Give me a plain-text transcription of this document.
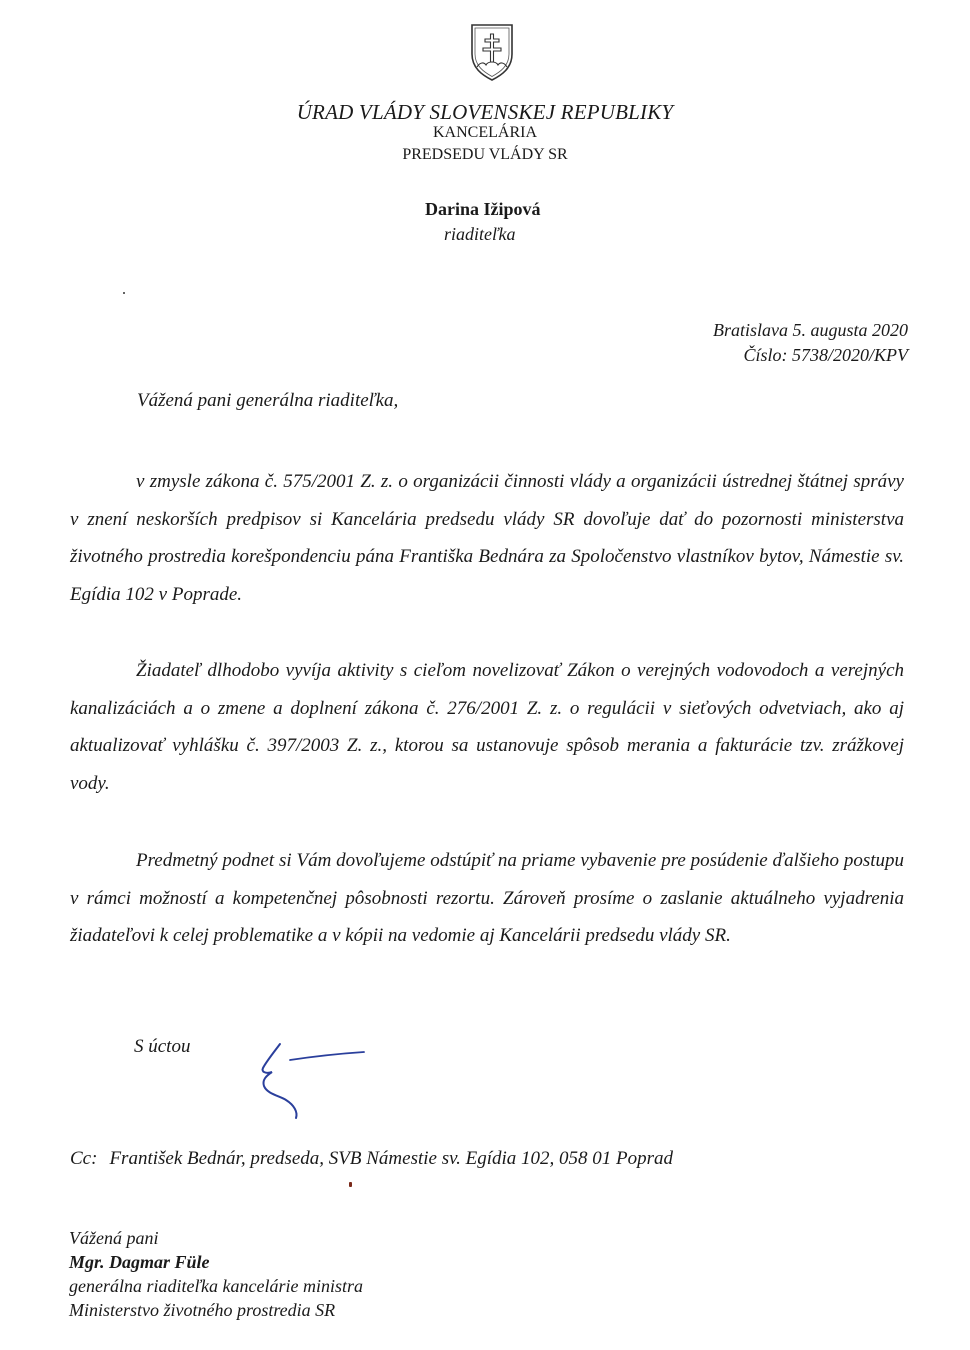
ÚRAD VLÁDY SLOVENSKEJ REPUBLIKY
KANCELÁRIA
PREDSEDU VLÁDY SR
Darina Ižipová
riaditeľka
Bratislava 5. augusta 2020
Číslo: 5738/2020/KPV
Vážená pani generálna riaditeľka,

v zmysle zákona č. 575/2001 Z. z. o organizácii činnosti vlády a organizácii ústrednej štátnej správy v znení neskorších predpisov si Kancelária predsedu vlády SR dovoľuje dať do pozornosti ministerstva životného prostredia korešpondenciu pána Františka Bednára za Spoločenstvo vlastníkov bytov, Námestie sv. Egídia 102 v Poprade.

Žiadateľ dlhodobo vyvíja aktivity s cieľom novelizovať Zákon o verejných vodovodoch a verejných kanalizáciách a o zmene a doplnení zákona č. 276/2001 Z. z. o regulácii v sieťových odvetviach, ako aj aktualizovať vyhlášku č. 397/2003 Z. z., ktorou sa ustanovuje spôsob merania a fakturácie tzv. zrážkovej vody.

Predmetný podnet si Vám dovoľujeme odstúpiť na priame vybavenie pre posúdenie ďalšieho postupu v rámci možností a kompetenčnej pôsobnosti rezortu. Zároveň prosíme o zaslanie aktuálneho vyjadrenia žiadateľovi k celej problematike a v kópii na vedomie aj Kancelárii predsedu vlády SR.

S úctou
Cc: František Bednár, predseda, SVB Námestie sv. Egídia 102, 058 01 Poprad
Vážená pani
Mgr. Dagmar Füle
generálna riaditeľka kancelárie ministra
Ministerstvo životného prostredia SR
